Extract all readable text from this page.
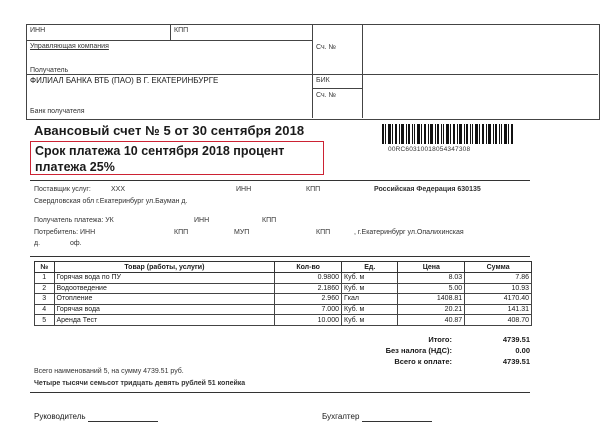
ИНН	КПП
Управляющая компания	Сч. №
Получатель
ФИЛИАЛ БАНКА ВТБ (ПАО) В Г. ЕКАТЕРИНБУРГЕ	БИК
Сч. №
Банк получателя
Авансовый счет № 5 от 30 сентября 2018
Срок платежа 10 сентября 2018 процент платежа 25%
00RC60310018054347308
Поставщик услуг:	ХХХ	ИНН	КПП	Российская Федерация 630135
Свердловская обл г.Екатеринбург ул.Бауман д.
Получатель платежа: УК	ИНН	КПП
Потребитель: ИНН	КПП	МУП	КПП	, г.Екатеринбург ул.Опалихинская
д.	оф.
№	Товар (работы, услуги)	Кол-во	Ед.	Цена	Сумма
1	Горячая вода по ПУ	0.9800	Куб. м	8.03	7.86
2	Водоотведение	2.1860	Куб. м	5.00	10.93
3	Отопление	2.960	Гкал	1408.81	4170.40
4	Горячая вода	7.000	Куб. м	20.21	141.31
5	Аренда Тест	10.000	Куб. м	40.87	408.70
Итого:	4739.51
Без налога (НДС):	0.00
Всего к оплате:	4739.51
Всего наименований 5, на сумму 4739.51 руб.
Четыре тысячи семьсот тридцать девять рублей 51 копейка
Руководитель	Бухгалтер
